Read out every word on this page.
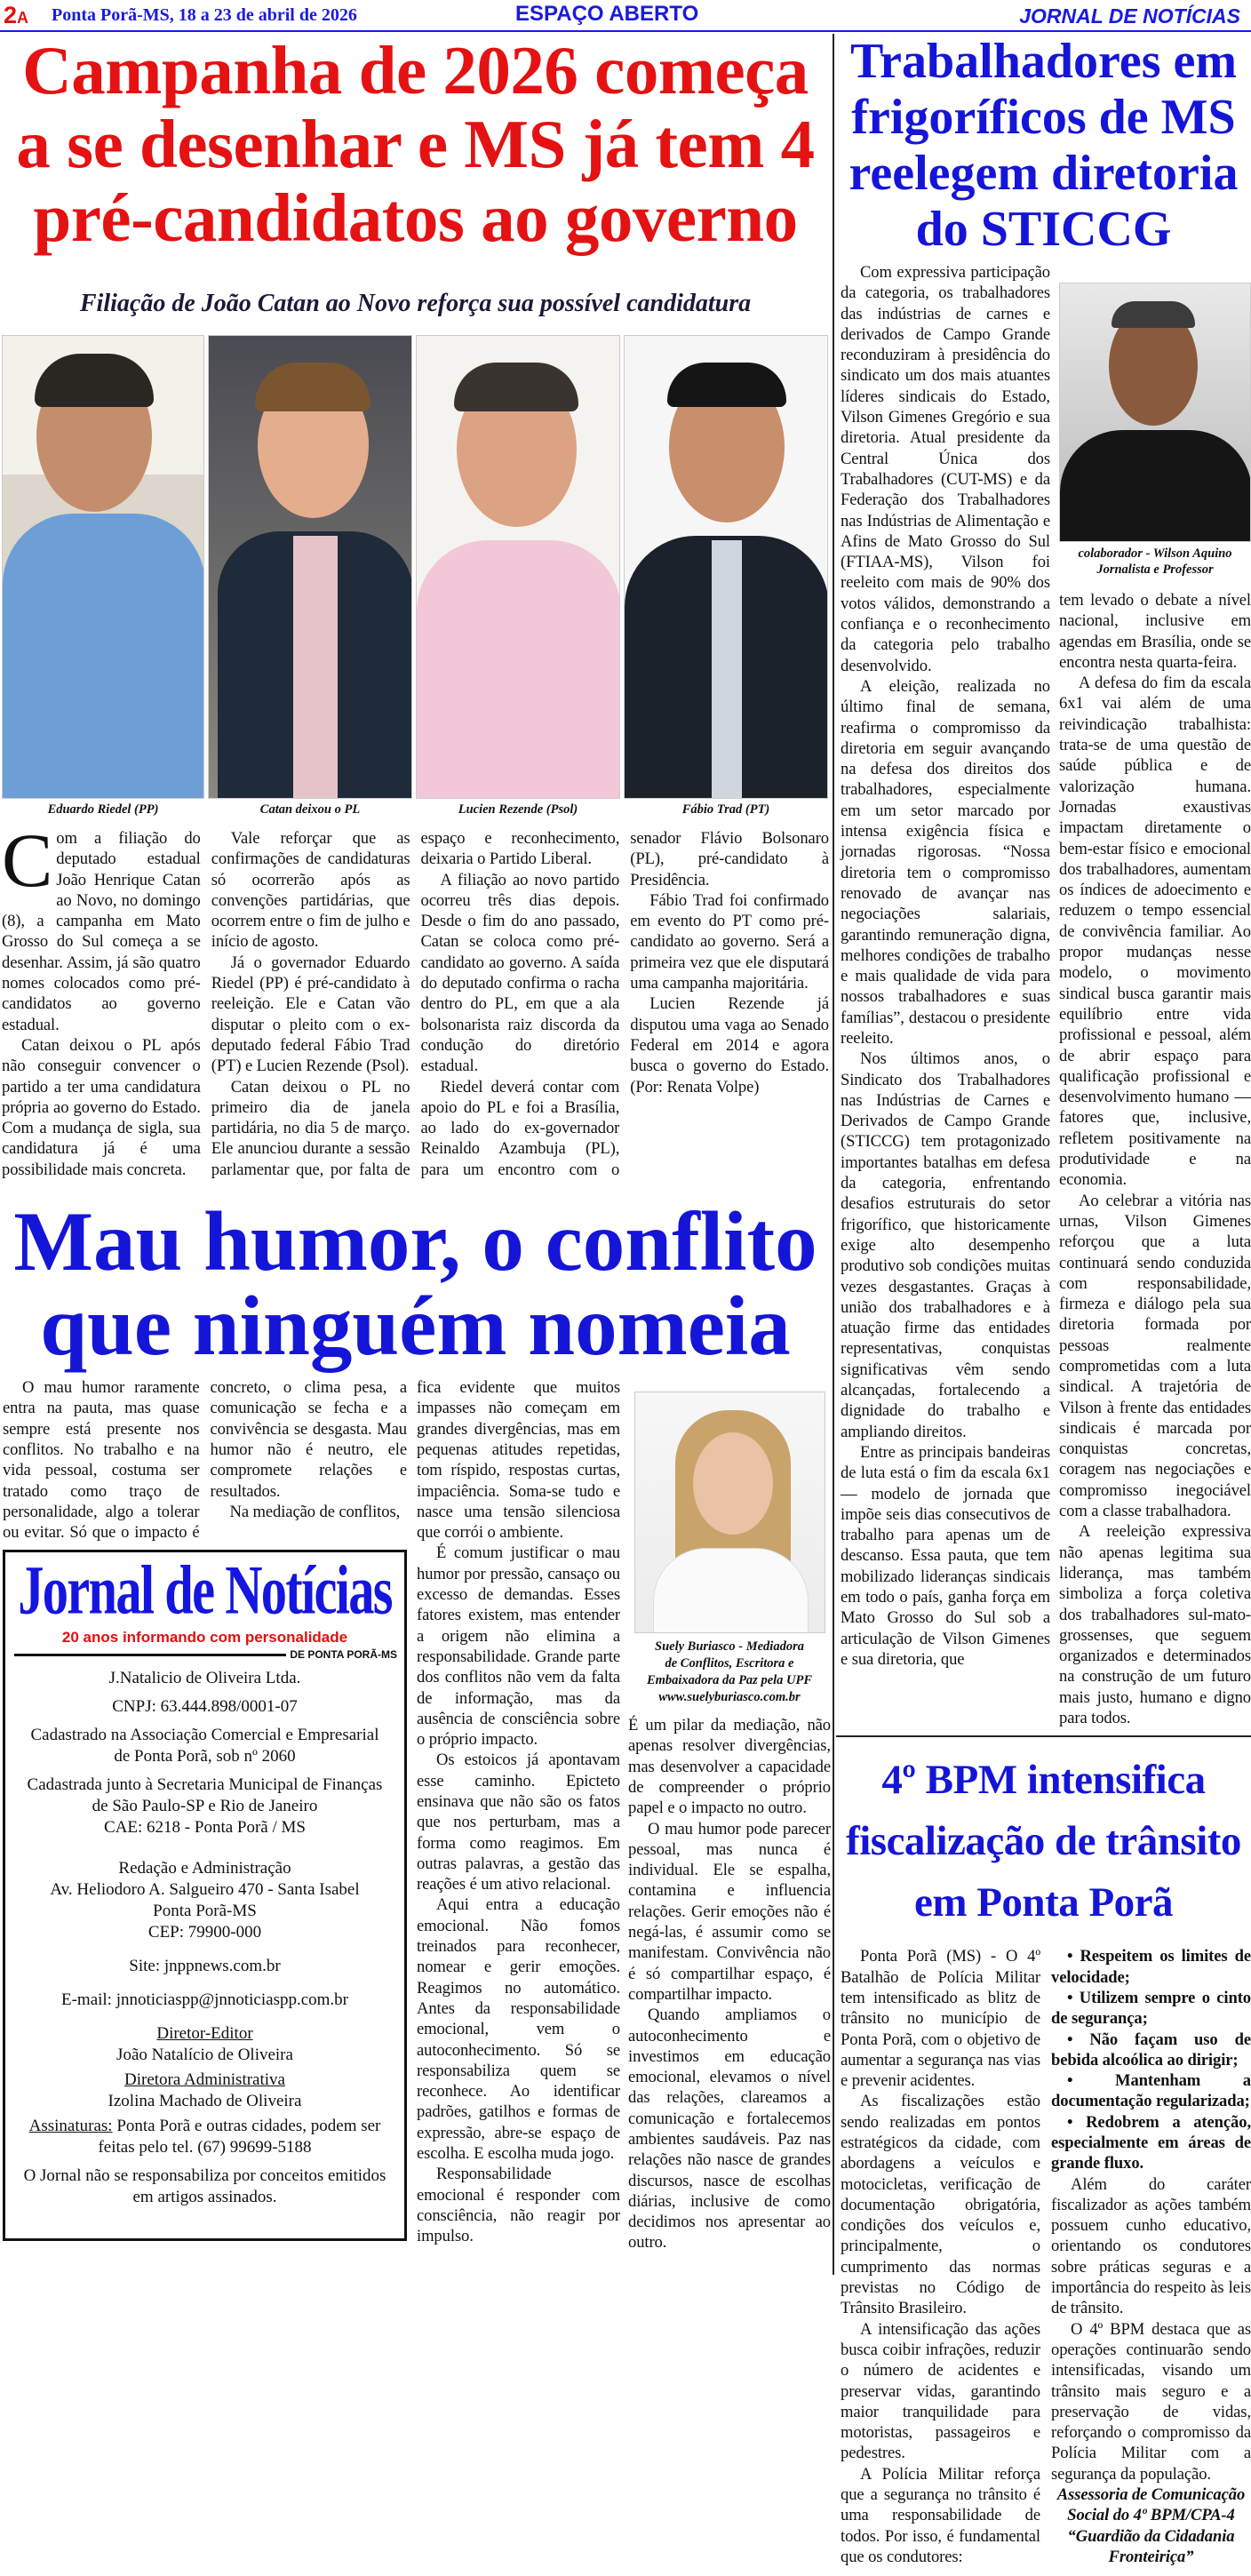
2A Ponta Porã-MS, 18 a 23 de abril de 2026	ESPAÇO ABERTO	JORNAL DE NOTÍCIAS
Campanha de 2026 começa
a se desenhar e MS já tem 4
pré-candidatos ao governo
Filiação de João Catan ao Novo reforça sua possível candidatura
Eduardo Riedel (PP)	Catan deixou o PL	Lucien Rezende (Psol)	Fábio Trad (PT)

Com a filiação do deputado estadual João Henrique Catan ao Novo, no domingo (8), a campanha em Mato Grosso do Sul começa a se desenhar. Assim, já são quatro nomes colocados como pré-candidatos ao governo estadual.

Catan deixou o PL após não conseguir convencer o partido a ter uma candidatura própria ao governo do Estado. Com a mudança de sigla, sua candidatura já é uma possibilidade mais concreta.

Vale reforçar que as confirmações de candidaturas só ocorrerão após as convenções partidárias, que ocorrem entre o fim de julho e início de agosto.

Já o governador Eduardo Riedel (PP) é pré-candidato à reeleição. Ele e Catan vão disputar o pleito com o ex-deputado federal Fábio Trad (PT) e Lucien Rezende (Psol).

Catan deixou o PL no primeiro dia de janela partidária, no dia 5 de março. Ele anunciou durante a sessão parlamentar que, por falta de espaço e reconhecimento, deixaria o Partido Liberal.

A filiação ao novo partido ocorreu três dias depois. Desde o fim do ano passado, Catan se coloca como pré-candidato ao governo. A saída do deputado confirma o racha dentro do PL, em que a ala bolsonarista raiz discorda da condução do diretório estadual.

Riedel deverá contar com apoio do PL e foi a Brasília, ao lado do ex-governador Reinaldo Azambuja (PL), para um encontro com o senador Flávio Bolsonaro (PL), pré-candidato à Presidência.

Fábio Trad foi confirmado em evento do PT como pré-candidato ao governo. Será a primeira vez que ele disputará uma campanha majoritária.

Lucien Rezende já disputou uma vaga ao Senado Federal em 2014 e agora busca o governo do Estado. (Por: Renata Volpe)

Mau humor, o conflito
que ninguém nomeia

O mau humor raramente entra na pauta, mas quase sempre está presente nos conflitos. No trabalho e na vida pessoal, costuma ser tratado como traço de personalidade, algo a tolerar ou evitar. Só que o impacto é concreto, o clima pesa, a comunicação se fecha e a convivência se desgasta. Mau humor não é neutro, ele compromete relações e resultados.

Na mediação de conflitos,

Jornal de Notícias
20 anos informando com personalidade
DE PONTA PORÃ-MS

J.Natalicio de Oliveira Ltda.

CNPJ: 63.444.898/0001-07

Cadastrado na Associação Comercial e Empresarial
de Ponta Porã, sob nº 2060

Cadastrada junto à Secretaria Municipal de Finanças
de São Paulo-SP e Rio de Janeiro
CAE: 6218 - Ponta Porã / MS

Redação e Administração
Av. Heliodoro A. Salgueiro 470 - Santa Isabel
Ponta Porã-MS
CEP: 79900-000

Site: jnppnews.com.br

E-mail: jnnoticiaspp@jnnoticiaspp.com.br

Diretor-Editor
João Natalício de Oliveira

Diretora Administrativa
Izolina Machado de Oliveira

Assinaturas: Ponta Porã e outras cidades, podem ser feitas pelo tel. (67) 99699-5188

O Jornal não se responsabiliza por conceitos emitidos em artigos assinados.

fica evidente que muitos impasses não começam em grandes divergências, mas em pequenas atitudes repetidas, tom ríspido, respostas curtas, impaciência. Soma-se tudo e nasce uma tensão silenciosa que corrói o ambiente.

É comum justificar o mau humor por pressão, cansaço ou excesso de demandas. Esses fatores existem, mas entender a origem não elimina a responsabilidade. Grande parte dos conflitos não vem da falta de informação, mas da ausência de consciência sobre o próprio impacto.

Os estoicos já apontavam esse caminho. Epicteto ensinava que não são os fatos que nos perturbam, mas a forma como reagimos. Em outras palavras, a gestão das reações é um ativo relacional.

Aqui entra a educação emocional. Não fomos treinados para reconhecer, nomear e gerir emoções. Reagimos no automático. Antes da responsabilidade emocional, vem o autoconhecimento. Só se responsabiliza quem se reconhece. Ao identificar padrões, gatilhos e formas de expressão, abre-se espaço de escolha. E escolha muda jogo.

Responsabilidade emocional é responder com consciência, não reagir por impulso.

Suely Buriasco - Mediadora
de Conflitos, Escritora e
Embaixadora da Paz pela UPF
www.suelyburiasco.com.br

É um pilar da mediação, não apenas resolver divergências, mas desenvolver a capacidade de compreender o próprio papel e o impacto no outro.

O mau humor pode parecer pessoal, mas nunca é individual. Ele se espalha, contamina e influencia relações. Gerir emoções não é negá-las, é assumir como se manifestam. Convivência não é só compartilhar espaço, é compartilhar impacto.

Quando ampliamos o autoconhecimento e investimos em educação emocional, elevamos o nível das relações, clareamos a comunicação e fortalecemos ambientes saudáveis. Paz nas relações não nasce de grandes discursos, nasce de escolhas diárias, inclusive de como decidimos nos apresentar ao outro.

Trabalhadores em
frigoríficos de MS
reelegem diretoria
do STICCG

Com expressiva participação da categoria, os trabalhadores das indústrias de carnes e derivados de Campo Grande reconduziram à presidência do sindicato um dos mais atuantes líderes sindicais do Estado, Vilson Gimenes Gregório e sua diretoria. Atual presidente da Central Única dos Trabalhadores (CUT-MS) e da Federação dos Trabalhadores nas Indústrias de Alimentação e Afins de Mato Grosso do Sul (FTIAA-MS), Vilson foi reeleito com mais de 90% dos votos válidos, demonstrando a confiança e o reconhecimento da categoria pelo trabalho desenvolvido.

A eleição, realizada no último final de semana, reafirma o compromisso da diretoria em seguir avançando na defesa dos direitos dos trabalhadores, especialmente em um setor marcado por intensa exigência física e jornadas rigorosas. “Nossa diretoria tem o compromisso renovado de avançar nas negociações salariais, garantindo remuneração digna, melhores condições de trabalho e mais qualidade de vida para nossos trabalhadores e suas famílias”, destacou o presidente reeleito.

Nos últimos anos, o Sindicato dos Trabalhadores nas Indústrias de Carnes e Derivados de Campo Grande (STICCG) tem protagonizado importantes batalhas em defesa da categoria, enfrentando desafios estruturais do setor frigorífico, que historicamente exige alto desempenho produtivo sob condições muitas vezes desgastantes. Graças à união dos trabalhadores e à atuação firme das entidades representativas, conquistas significativas vêm sendo alcançadas, fortalecendo a dignidade do trabalho e ampliando direitos.

Entre as principais bandeiras de luta está o fim da escala 6x1 — modelo de jornada que impõe seis dias consecutivos de trabalho para apenas um de descanso. Essa pauta, que tem mobilizado lideranças sindicais em todo o país, ganha força em Mato Grosso do Sul sob a articulação de Vilson Gimenes e sua diretoria, que

colaborador - Wilson Aquino
Jornalista e Professor

tem levado o debate a nível nacional, inclusive em agendas em Brasília, onde se encontra nesta quarta-feira.

A defesa do fim da escala 6x1 vai além de uma reivindicação trabalhista: trata-se de uma questão de saúde pública e de valorização humana. Jornadas exaustivas impactam diretamente o bem-estar físico e emocional dos trabalhadores, aumentam os índices de adoecimento e reduzem o tempo essencial de convivência familiar. Ao propor mudanças nesse modelo, o movimento sindical busca garantir mais equilíbrio entre vida profissional e pessoal, além de abrir espaço para qualificação profissional e desenvolvimento humano — fatores que, inclusive, refletem positivamente na produtividade e na economia.

Ao celebrar a vitória nas urnas, Vilson Gimenes reforçou que a luta continuará sendo conduzida com responsabilidade, firmeza e diálogo pela sua diretoria formada por pessoas realmente comprometidas com a luta sindical. A trajetória de Vilson à frente das entidades sindicais é marcada por conquistas concretas, coragem nas negociações e compromisso inegociável com a classe trabalhadora.

A reeleição expressiva não apenas legitima sua liderança, mas também simboliza a força coletiva dos trabalhadores sul-mato-grossenses, que seguem organizados e determinados na construção de um futuro mais justo, humano e digno para todos.

4º BPM intensifica
fiscalização de trânsito
em Ponta Porã

Ponta Porã (MS) - O 4º Batalhão de Polícia Militar tem intensificado as blitz de trânsito no município de Ponta Porã, com o objetivo de aumentar a segurança nas vias e prevenir acidentes.

As fiscalizações estão sendo realizadas em pontos estratégicos da cidade, com abordagens a veículos e motocicletas, verificação de documentação obrigatória, condições dos veículos e, principalmente, o cumprimento das normas previstas no Código de Trânsito Brasileiro.

A intensificação das ações busca coibir infrações, reduzir o número de acidentes e preservar vidas, garantindo maior tranquilidade para motoristas, passageiros e pedestres.

A Polícia Militar reforça que a segurança no trânsito é uma responsabilidade de todos. Por isso, é fundamental que os condutores:

• Respeitem os limites de velocidade;

• Utilizem sempre o cinto de segurança;

• Não façam uso de bebida alcoólica ao dirigir;

• Mantenham a documentação regularizada;

• Redobrem a atenção, especialmente em áreas de grande fluxo.

Além do caráter fiscalizador as ações também possuem cunho educativo, orientando os condutores sobre práticas seguras e a importância do respeito às leis de trânsito.

O 4º BPM destaca que as operações continuarão sendo intensificadas, visando um trânsito mais seguro e a preservação de vidas, reforçando o compromisso da Polícia Militar com a segurança da população.

Assessoria de Comunicação Social do 4º BPM/CPA-4 “Guardião da Cidadania Fronteiriça”
